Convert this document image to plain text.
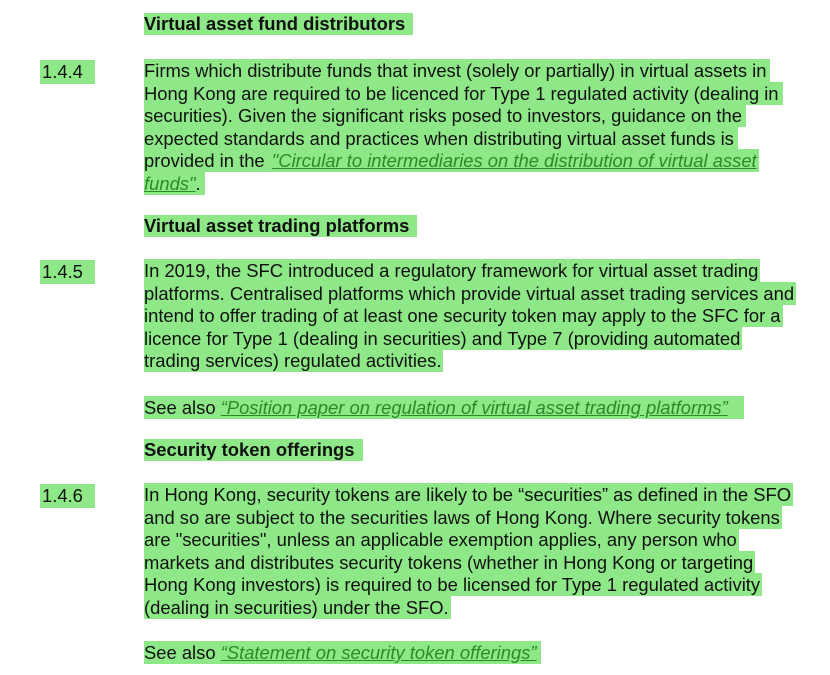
Virtual asset fund distributors
1.4.4	Firms which distribute funds that invest (solely or partially) in virtual assets in Hong Kong are required to be licenced for Type 1 regulated activity (dealing in securities). Given the significant risks posed to investors, guidance on the expected standards and practices when distributing virtual asset funds is provided in the "Circular to intermediaries on the distribution of virtual asset funds".
Virtual asset trading platforms
1.4.5	In 2019, the SFC introduced a regulatory framework for virtual asset trading platforms. Centralised platforms which provide virtual asset trading services and intend to offer trading of at least one security token may apply to the SFC for a licence for Type 1 (dealing in securities) and Type 7 (providing automated trading services) regulated activities.
See also “Position paper on regulation of virtual asset trading platforms”
Security token offerings
1.4.6	In Hong Kong, security tokens are likely to be “securities” as defined in the SFO and so are subject to the securities laws of Hong Kong. Where security tokens are "securities", unless an applicable exemption applies, any person who markets and distributes security tokens (whether in Hong Kong or targeting Hong Kong investors) is required to be licensed for Type 1 regulated activity (dealing in securities) under the SFO.
See also “Statement on security token offerings”
